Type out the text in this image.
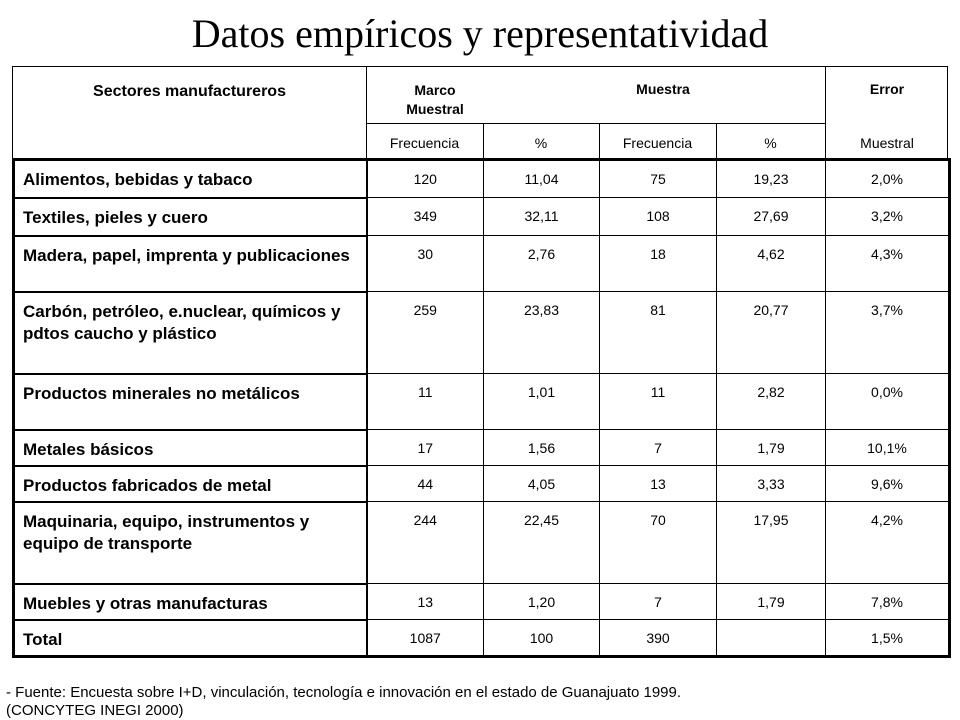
Datos empíricos y representatividad
Sectores manufactureros	Marco Muestral
Muestra	Error
Frecuencia	%	Frecuencia	%	Muestral
Alimentos, bebidas y tabaco	120	11,04	75	19,23	2,0%
Textiles, pieles y cuero	349	32,11	108	27,69	3,2%
Madera, papel, imprenta y publicaciones	30	2,76	18	4,62	4,3%
Carbón, petróleo, e.nuclear, químicos y pdtos caucho y plástico	259	23,83	81	20,77	3,7%
Productos minerales no metálicos	11	1,01	11	2,82	0,0%
Metales básicos	17	1,56	7	1,79	10,1%
Productos fabricados de metal	44	4,05	13	3,33	9,6%
Maquinaria, equipo, instrumentos y equipo de transporte	244	22,45	70	17,95	4,2%
Muebles y otras manufacturas	13	1,20	7	1,79	7,8%
Total	1087	100	390		1,5%
- Fuente: Encuesta sobre I+D, vinculación, tecnología e innovación en el estado de Guanajuato 1999.
(CONCYTEG INEGI 2000)
